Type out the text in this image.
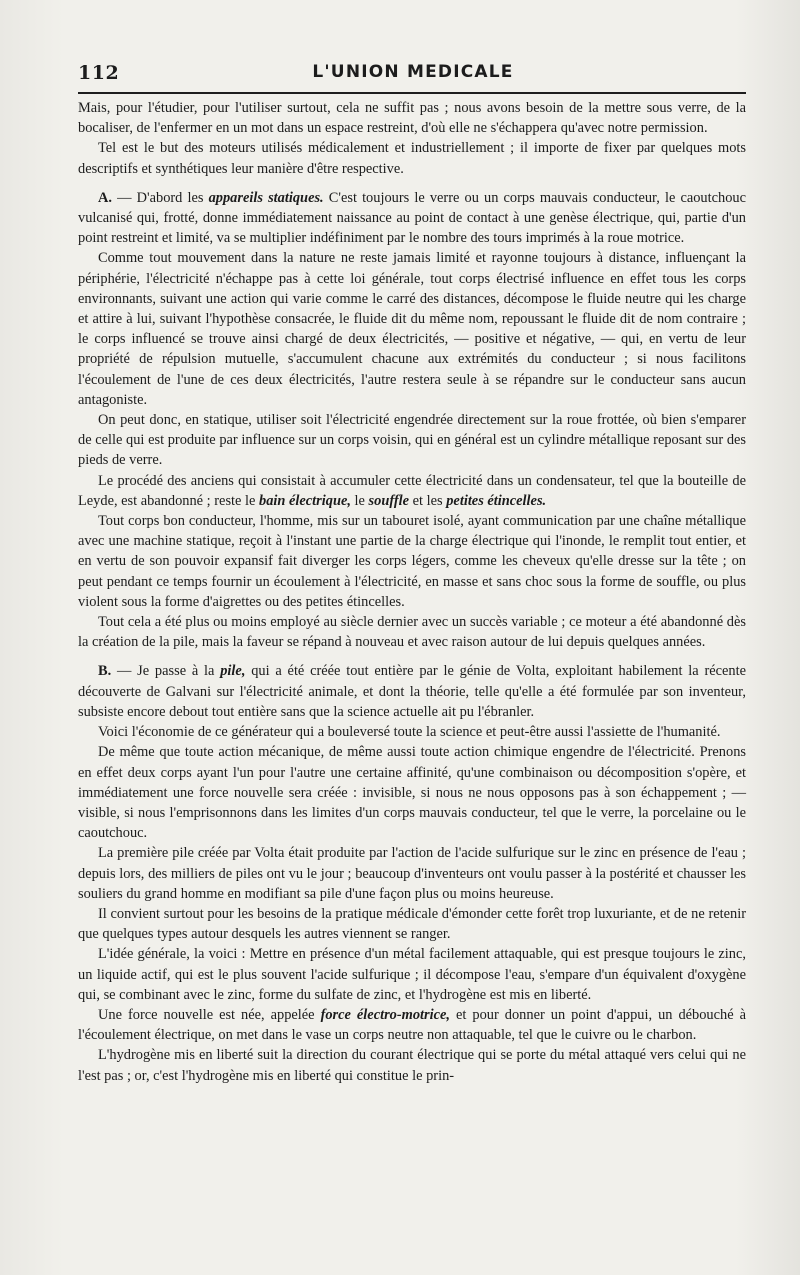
112	L'UNION MEDICALE

Mais, pour l'étudier, pour l'utiliser surtout, cela ne suffit pas ; nous avons besoin de la mettre sous verre, de la bocaliser, de l'enfermer en un mot dans un espace restreint, d'où elle ne s'échappera qu'avec notre permission.

Tel est le but des moteurs utilisés médicalement et industriellement ; il importe de fixer par quelques mots descriptifs et synthétiques leur manière d'être respective.

A. — D'abord les appareils statiques. C'est toujours le verre ou un corps mauvais conducteur, le caoutchouc vulcanisé qui, frotté, donne immédiatement naissance au point de contact à une genèse électrique, qui, partie d'un point restreint et limité, va se multiplier indéfiniment par le nombre des tours imprimés à la roue motrice.

Comme tout mouvement dans la nature ne reste jamais limité et rayonne toujours à distance, influençant la périphérie, l'électricité n'échappe pas à cette loi générale, tout corps électrisé influence en effet tous les corps environnants, suivant une action qui varie comme le carré des distances, décompose le fluide neutre qui les charge et attire à lui, suivant l'hypothèse consacrée, le fluide dit du même nom, repoussant le fluide dit de nom contraire ; le corps influencé se trouve ainsi chargé de deux électricités, — positive et négative, — qui, en vertu de leur propriété de répulsion mutuelle, s'accumulent chacune aux extrémités du conducteur ; si nous facilitons l'écoulement de l'une de ces deux électricités, l'autre restera seule à se répandre sur le conducteur sans aucun antagoniste.

On peut donc, en statique, utiliser soit l'électricité engendrée directement sur la roue frottée, où bien s'emparer de celle qui est produite par influence sur un corps voisin, qui en général est un cylindre métallique reposant sur des pieds de verre.

Le procédé des anciens qui consistait à accumuler cette électricité dans un condensateur, tel que la bouteille de Leyde, est abandonné ; reste le bain électrique, le souffle et les petites étincelles.

Tout corps bon conducteur, l'homme, mis sur un tabouret isolé, ayant communication par une chaîne métallique avec une machine statique, reçoit à l'instant une partie de la charge électrique qui l'inonde, le remplit tout entier, et en vertu de son pouvoir expansif fait diverger les corps légers, comme les cheveux qu'elle dresse sur la tête ; on peut pendant ce temps fournir un écoulement à l'électricité, en masse et sans choc sous la forme de souffle, ou plus violent sous la forme d'aigrettes ou des petites étincelles.

Tout cela a été plus ou moins employé au siècle dernier avec un succès variable ; ce moteur a été abandonné dès la création de la pile, mais la faveur se répand à nouveau et avec raison autour de lui depuis quelques années.

B. — Je passe à la pile, qui a été créée tout entière par le génie de Volta, exploitant habilement la récente découverte de Galvani sur l'électricité animale, et dont la théorie, telle qu'elle a été formulée par son inventeur, subsiste encore debout tout entière sans que la science actuelle ait pu l'ébranler.

Voici l'économie de ce générateur qui a bouleversé toute la science et peut-être aussi l'assiette de l'humanité.

De même que toute action mécanique, de même aussi toute action chimique engendre de l'électricité. Prenons en effet deux corps ayant l'un pour l'autre une certaine affinité, qu'une combinaison ou décomposition s'opère, et immédiatement une force nouvelle sera créée : invisible, si nous ne nous opposons pas à son échappement ; — visible, si nous l'emprisonnons dans les limites d'un corps mauvais conducteur, tel que le verre, la porcelaine ou le caoutchouc.

La première pile créée par Volta était produite par l'action de l'acide sulfurique sur le zinc en présence de l'eau ; depuis lors, des milliers de piles ont vu le jour ; beaucoup d'inventeurs ont voulu passer à la postérité et chausser les souliers du grand homme en modifiant sa pile d'une façon plus ou moins heureuse.

Il convient surtout pour les besoins de la pratique médicale d'émonder cette forêt trop luxuriante, et de ne retenir que quelques types autour desquels les autres viennent se ranger.

L'idée générale, la voici : Mettre en présence d'un métal facilement attaquable, qui est presque toujours le zinc, un liquide actif, qui est le plus souvent l'acide sulfurique ; il décompose l'eau, s'empare d'un équivalent d'oxygène qui, se combinant avec le zinc, forme du sulfate de zinc, et l'hydrogène est mis en liberté.

Une force nouvelle est née, appelée force électro-motrice, et pour donner un point d'appui, un débouché à l'écoulement électrique, on met dans le vase un corps neutre non attaquable, tel que le cuivre ou le charbon.

L'hydrogène mis en liberté suit la direction du courant électrique qui se porte du métal attaqué vers celui qui ne l'est pas ; or, c'est l'hydrogène mis en liberté qui constitue le prin-
